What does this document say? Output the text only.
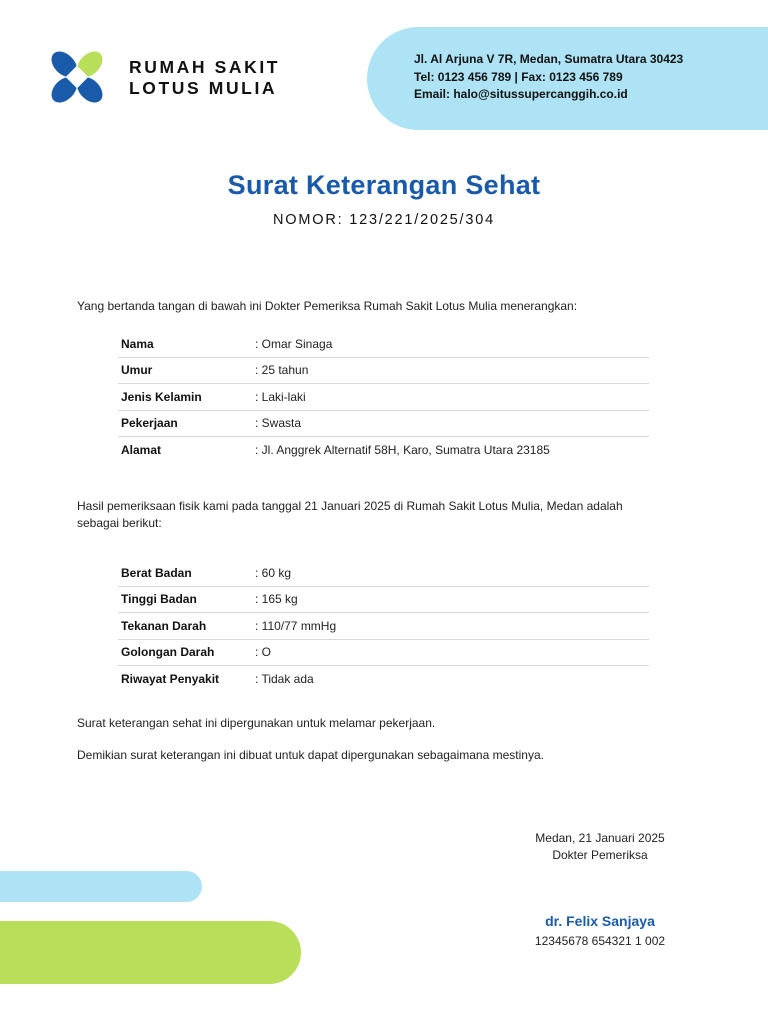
Jl. Al Arjuna V 7R, Medan, Sumatra Utara 30423
Tel: 0123 456 789 | Fax: 0123 456 789
Email: halo@situssupercanggih.co.id
RUMAH SAKIT
LOTUS MULIA
Surat Keterangan Sehat
NOMOR: 123/221/2025/304
Yang bertanda tangan di bawah ini Dokter Pemeriksa Rumah Sakit Lotus Mulia menerangkan:
Nama	: Omar Sinaga
Umur	: 25 tahun
Jenis Kelamin	: Laki-laki
Pekerjaan	: Swasta
Alamat	: Jl. Anggrek Alternatif 58H, Karo, Sumatra Utara 23185
Hasil pemeriksaan fisik kami pada tanggal 21 Januari 2025 di Rumah Sakit Lotus Mulia, Medan adalah
sebagai berikut:
Berat Badan	: 60 kg
Tinggi Badan	: 165 kg
Tekanan Darah	: 110/77 mmHg
Golongan Darah	: O
Riwayat Penyakit	: Tidak ada
Surat keterangan sehat ini dipergunakan untuk melamar pekerjaan.
Demikian surat keterangan ini dibuat untuk dapat dipergunakan sebagaimana mestinya.
Medan, 21 Januari 2025
Dokter Pemeriksa
dr. Felix Sanjaya
12345678 654321 1 002
